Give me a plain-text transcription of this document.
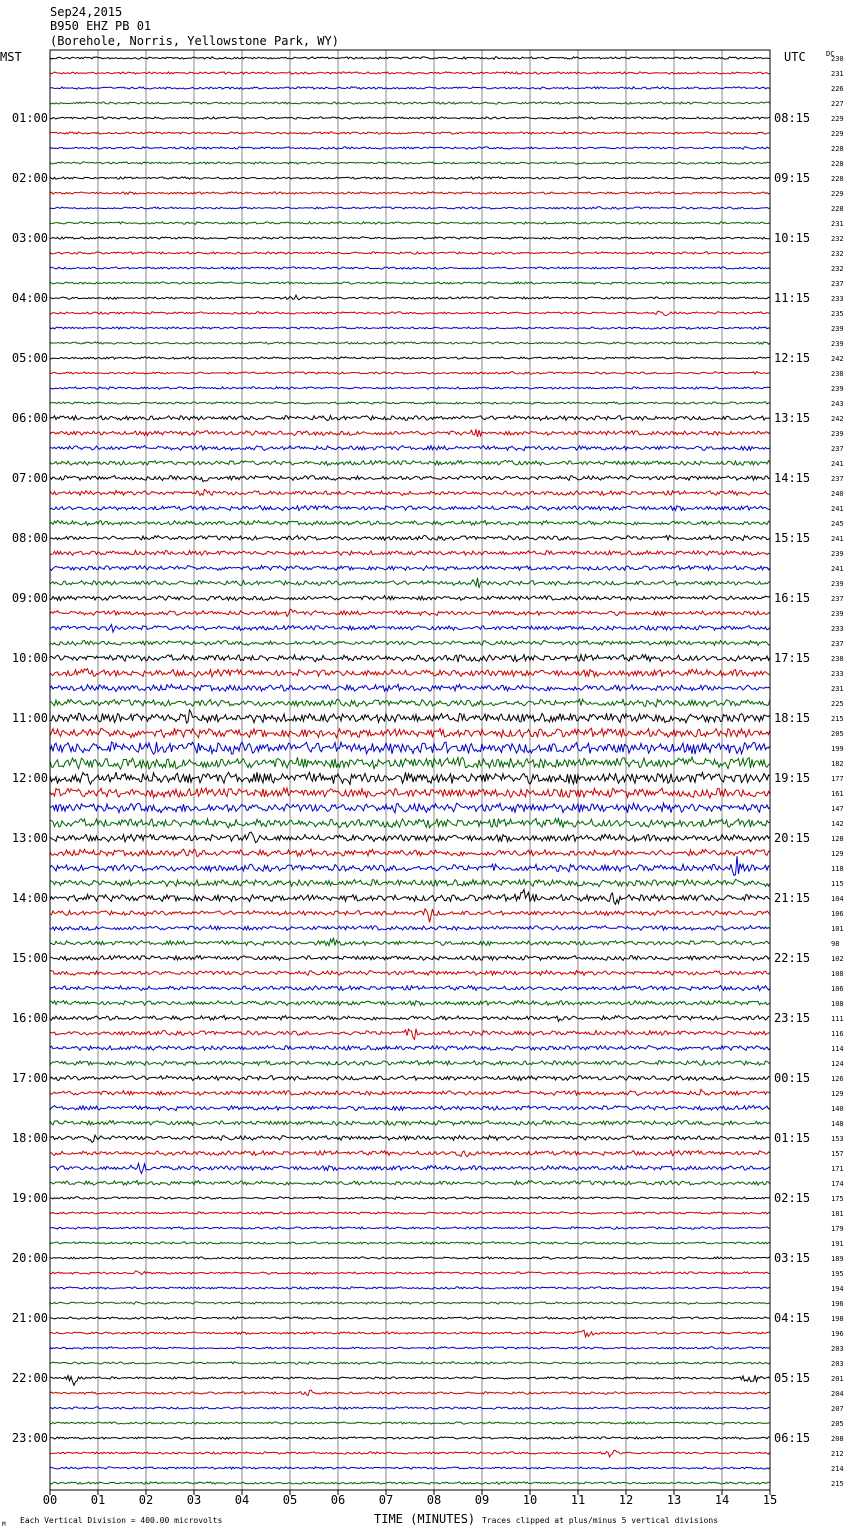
00	01	02	03	04	05	06	07	08	09	10	11	12	13	14	15
230
231
226
227
229
229
228
228
228
229
228
231
232
232
232
237
233
235
239
239
242
238
239
243
242
239
237
241
237
240
241
245
241
239
241
239
237
239
233
237
238
233
231
225
215
205
199
182
177
161
147
142
128
129
118
115
104
106
101
98
102
108
106
108
111
116
114
124
126
129
140
148
153
157
171
174
175
181
179
191
189
195
194
196
198
196
203
203
201
204
207
205
208
212
214
215
01:00	08:15
02:00	09:15
03:00	10:15
04:00	11:15
05:00	12:15
06:00	13:15
07:00	14:15
08:00	15:15
09:00	16:15
10:00	17:15
11:00	18:15
12:00	19:15
13:00	20:15
14:00	21:15
15:00	22:15
16:00	23:15
17:00	00:15
18:00	01:15
19:00	02:15
20:00	03:15
21:00	04:15
22:00	05:15
23:00	06:15
Sep24,2015
B950 EHZ PB 01
(Borehole, Norris, Yellowstone Park, WY)
MST	UTC	DC
TIME (MINUTES)
Each Vertical Division = 400.00 microvolts	Traces clipped at plus/minus 5 vertical divisions
M
